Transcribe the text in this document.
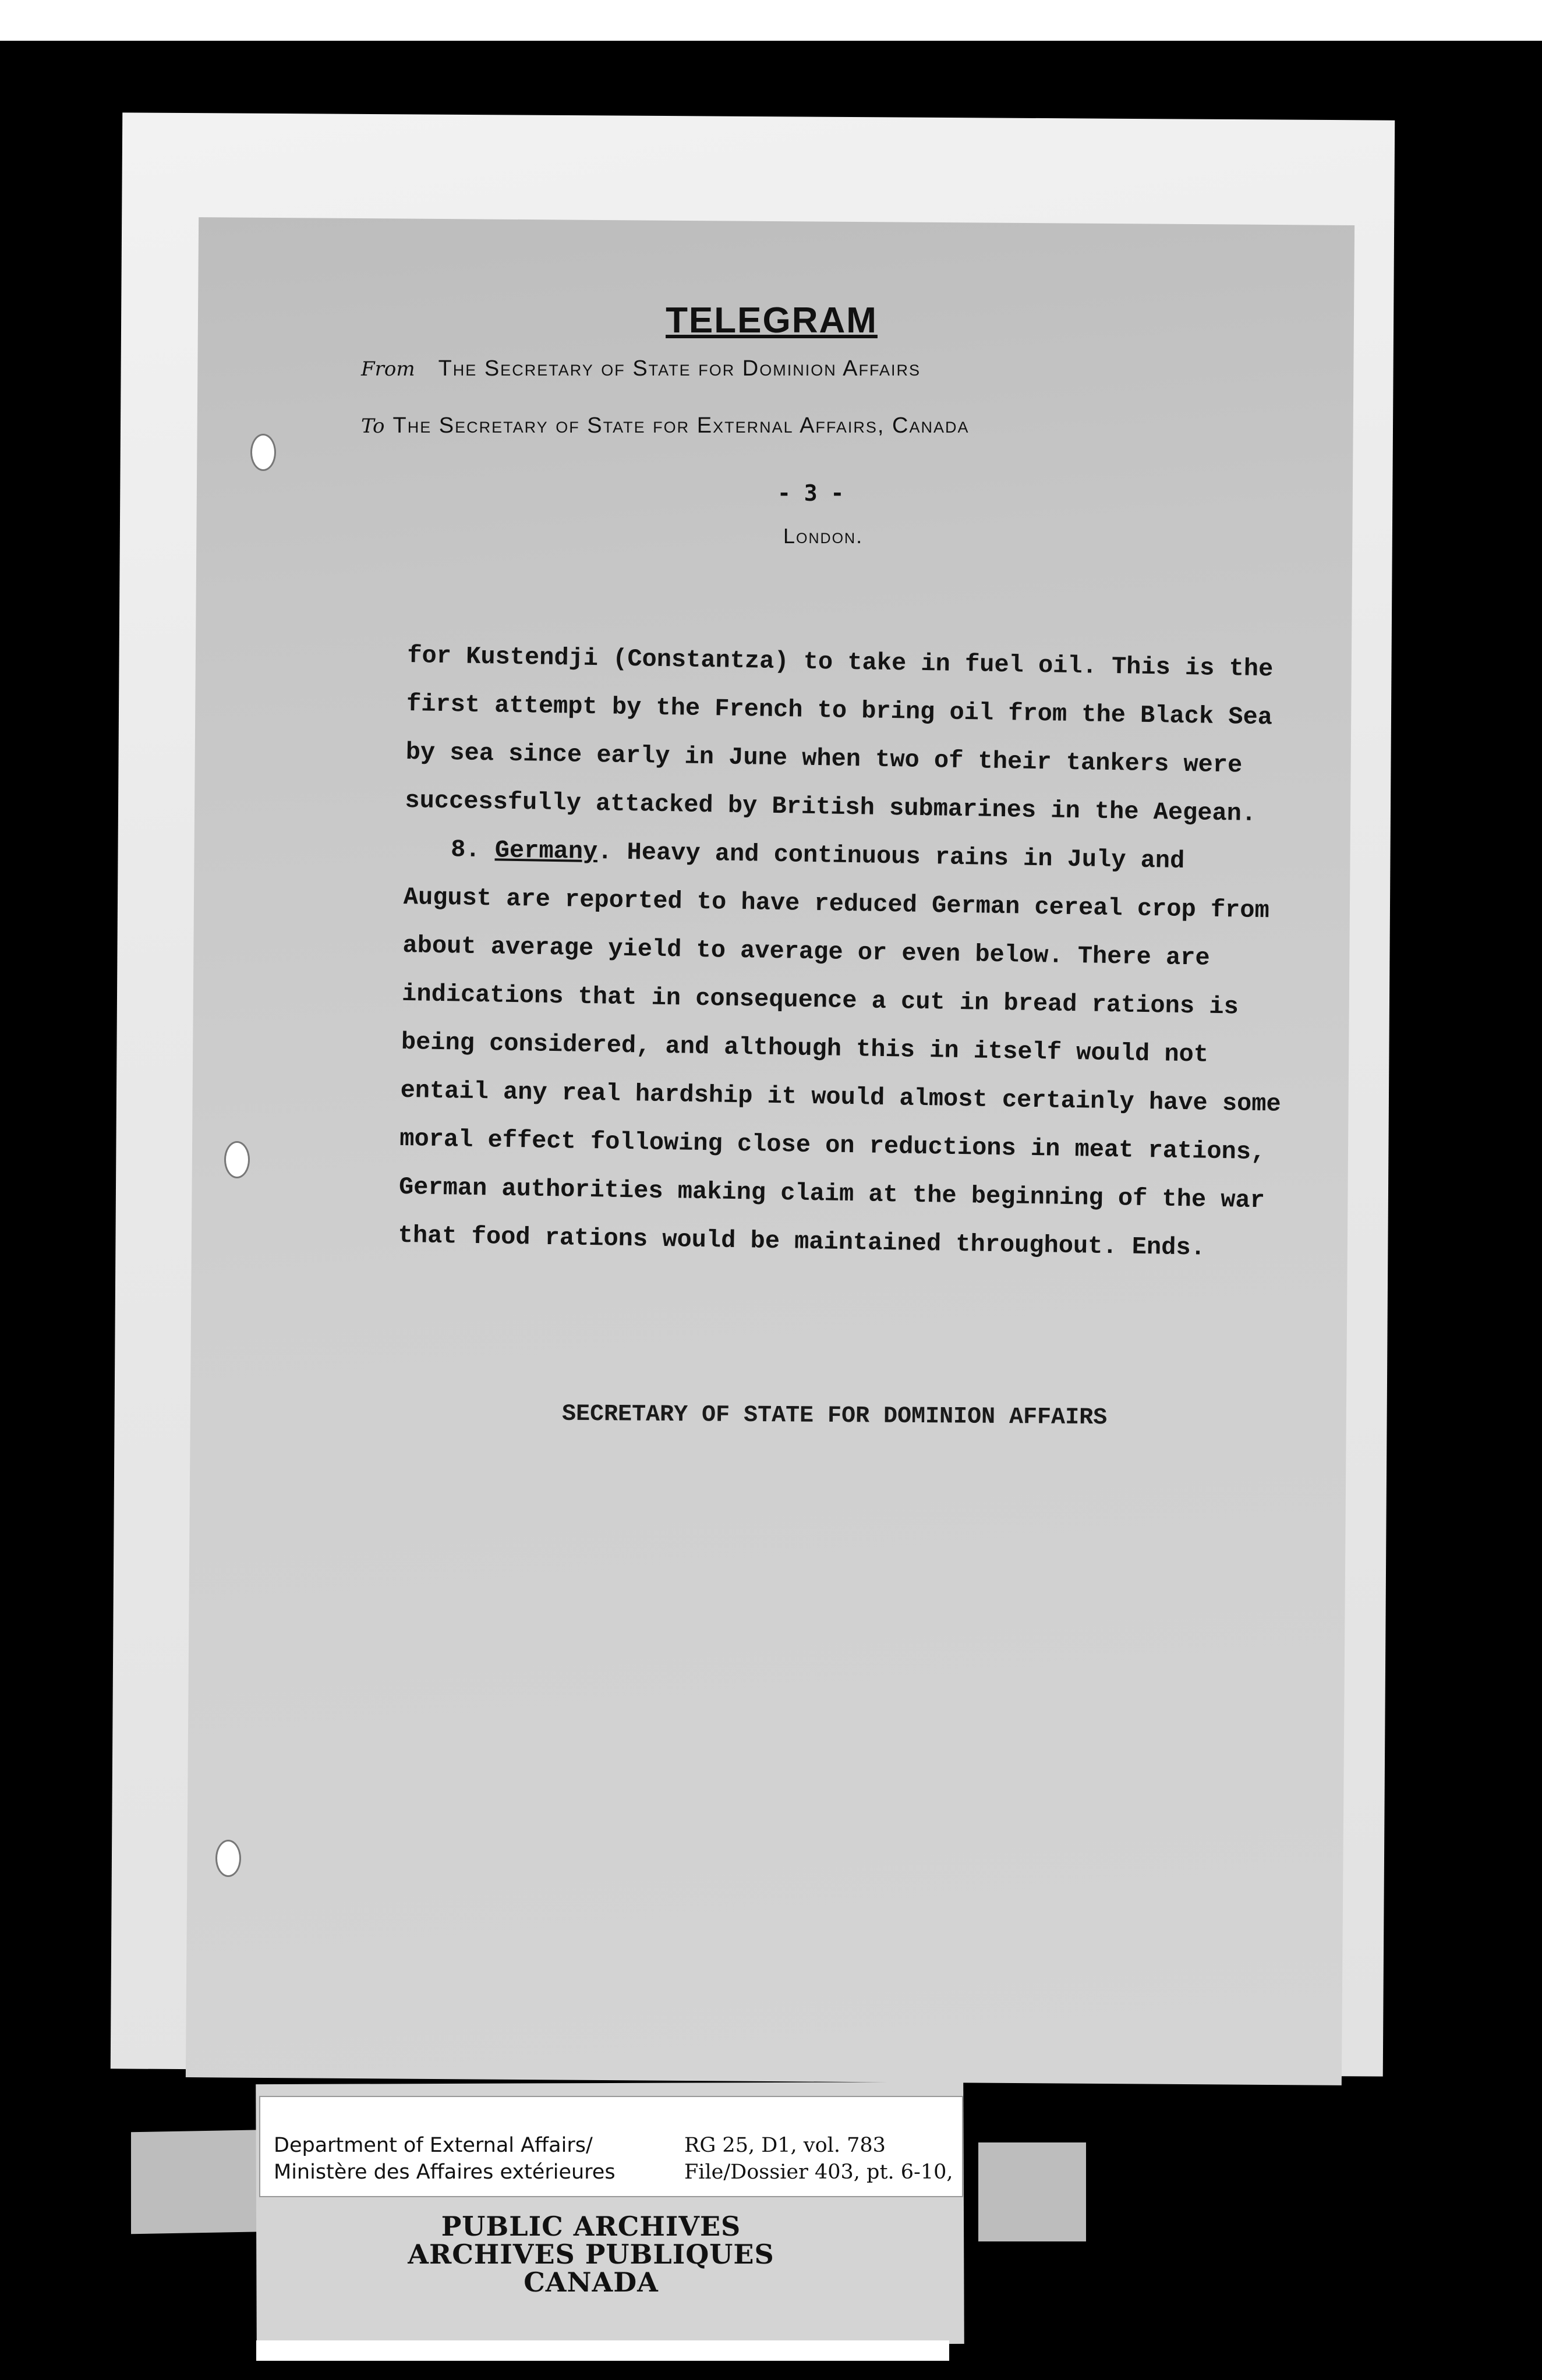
TELEGRAM
From The Secretary of State for Dominion Affairs
To The Secretary of State for External Affairs, Canada
- 3 -
London.
for Kustendji (Constantza) to take in fuel oil. This is the
first attempt by the French to bring oil from the Black Sea
by sea since early in June when two of their tankers were
successfully attacked by British submarines in the Aegean.
8. Germany. Heavy and continuous rains in July and
August are reported to have reduced German cereal crop from
about average yield to average or even below. There are
indications that in consequence a cut in bread rations is
being considered, and although this in itself would not
entail any real hardship it would almost certainly have some
moral effect following close on reductions in meat rations,
German authorities making claim at the beginning of the war
that food rations would be maintained throughout. Ends.
SECRETARY OF STATE FOR DOMINION AFFAIRS
Department of External Affairs/
Ministère des Affaires extérieures
RG 25, D1, vol. 783
File/Dossier 403, pt. 6-10,
PUBLIC ARCHIVES
ARCHIVES PUBLIQUES
CANADA
